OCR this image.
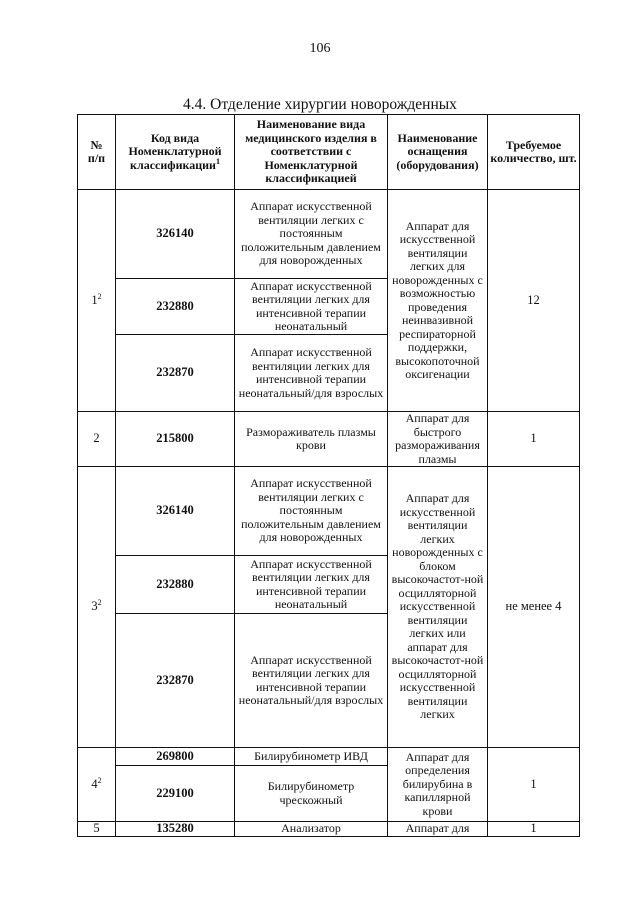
106
4.4. Отделение хирургии новорожденных
№
п/п	Код вида Номенклатурной классификации$^1$	Наименование вида медицинского изделия в соответствии с Номенклатурной классификацией	Наименование оснащения (оборудования)	Требуемое количество, шт.
$1^2$	326140	Аппарат искусственной вентиляции легких с постоянным положительным давлением для новорожденных	Аппарат для искусственной вентиляции легких для новорожденных с возможностью проведения неинвазивной респираторной поддержки, высокопоточной оксигенации	12
	232880	Аппарат искусственной вентиляции легких для интенсивной терапии неонатальный		
	232870	Аппарат искусственной вентиляции легких для интенсивной терапии неонатальный/для взрослых		
2	215800	Размораживатель плазмы крови	Аппарат для быстрого размораживания плазмы	1
$3^2$	326140	Аппарат искусственной вентиляции легких с постоянным положительным давлением для новорожденных	Аппарат для искусственной вентиляции легких новорожденных с блоком высокочастот-ной осцилляторной искусственной вентиляции легких или аппарат для высокочастот-ной осцилляторной искусственной вентиляции легких	не менее 4
	232880	Аппарат искусственной вентиляции легких для интенсивной терапии неонатальный		
	232870	Аппарат искусственной вентиляции легких для интенсивной терапии неонатальный/для взрослых		
$4^2$	269800	Билирубинометр ИВД	Аппарат для определения билирубина в капиллярной крови	1
	229100	Билирубинометр чрескожный		
5	135280	Анализатор	Аппарат для	1
